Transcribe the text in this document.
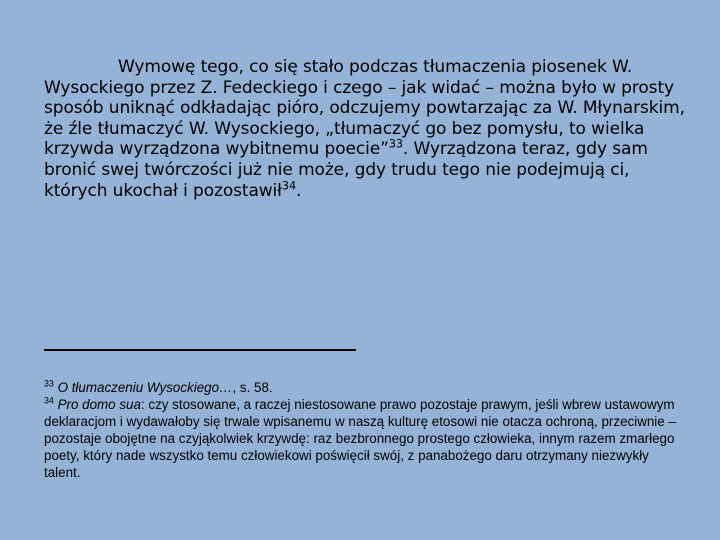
Wymowę tego, co się stało podczas tłumaczenia piosenek W. Wysockiego przez Z. Fedeckiego i czego – jak widać – można było w prosty sposób uniknąć odkładając pióro, odczujemy powtarzając za W. Młynarskim, że źle tłumaczyć W. Wysockiego, „tłumaczyć go bez pomysłu, to wielka krzywda wyrządzona wybitnemu poecie”$^{33}$. Wyrządzona teraz, gdy sam bronić swej twórczości już nie może, gdy trudu tego nie podejmują ci, których ukochał i pozostawił$^{34}$.

$^{33}$ O tłumaczeniu Wysockiego…, s. 58.

$^{34}$ Pro domo sua: czy stosowane, a raczej niestosowane prawo pozostaje prawym, jeśli wbrew ustawowym deklaracjom i wydawałoby się trwale wpisanemu w naszą kulturę etosowi nie otacza ochroną, przeciwnie – pozostaje obojętne na czyjąkolwiek krzywdę: raz bezbronnego prostego człowieka, innym razem zmarłego poety, który nade wszystko temu człowiekowi poświęcił swój, z panabożego daru otrzymany niezwykły talent.
